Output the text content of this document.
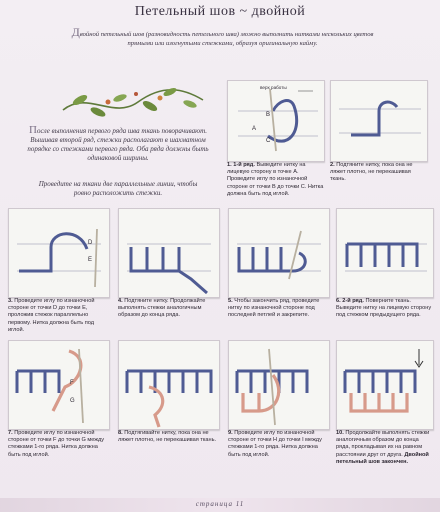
Петельный шов ~ двойной
Двойной петельный шов (разновидность петельного шва) можно выполнить нитками нескольких цветов прямыми или изогнутыми стежками, образуя оригинальную кайму.
После выполнения первого ряда шва ткань поворачивают. Вышивая второй ряд, стежки располагают в шахматном порядке со стежками первого ряда. Оба ряда должны быть одинаковой ширины.
Проведите на ткани две параллельные линии, чтобы ровно расположить стежки.
верх работы
B
A
C
1. 1-й ряд. Выведите нитку на лицевую сторону в точке А. Проведите иглу по изнаночной стороне от точки В до точки С. Нитка должна быть под иглой.
2. Подтяните нитку, пока она не ляжет плотно, не перекашивая ткань.
D
E
3. Проведите иглу по изнаночной стороне от точки D до точки E, проложив стежок параллельно первому. Нитка должна быть под иглой.
4. Подтяните нитку. Продолжайте выполнять стежки аналогичным образом до конца ряда.
5. Чтобы закончить ряд, проведите нитку по изнаночной стороне под последней петлей и закрепите.
6. 2-й ряд. Поверните ткань. Выведите нитку на лицевую сторону под стежком предыдущего ряда.
F
G
7. Проведите иглу по изнаночной стороне от точки F до точки G между стежками 1-го ряда. Нитка должна быть под иглой.
8. Подтягивайте нитку, пока она не ляжет плотно, не перекашивая ткань.
9. Проведите иглу по изнаночной стороне от точки H до точки I между стежками 1-го ряда. Нитка должна быть под иглой.
10. Продолжайте выполнять стежки аналогичным образом до конца ряда, прокладывая их на равном расстоянии друг от друга. Двойной петельный шов закончен.
страница 11
